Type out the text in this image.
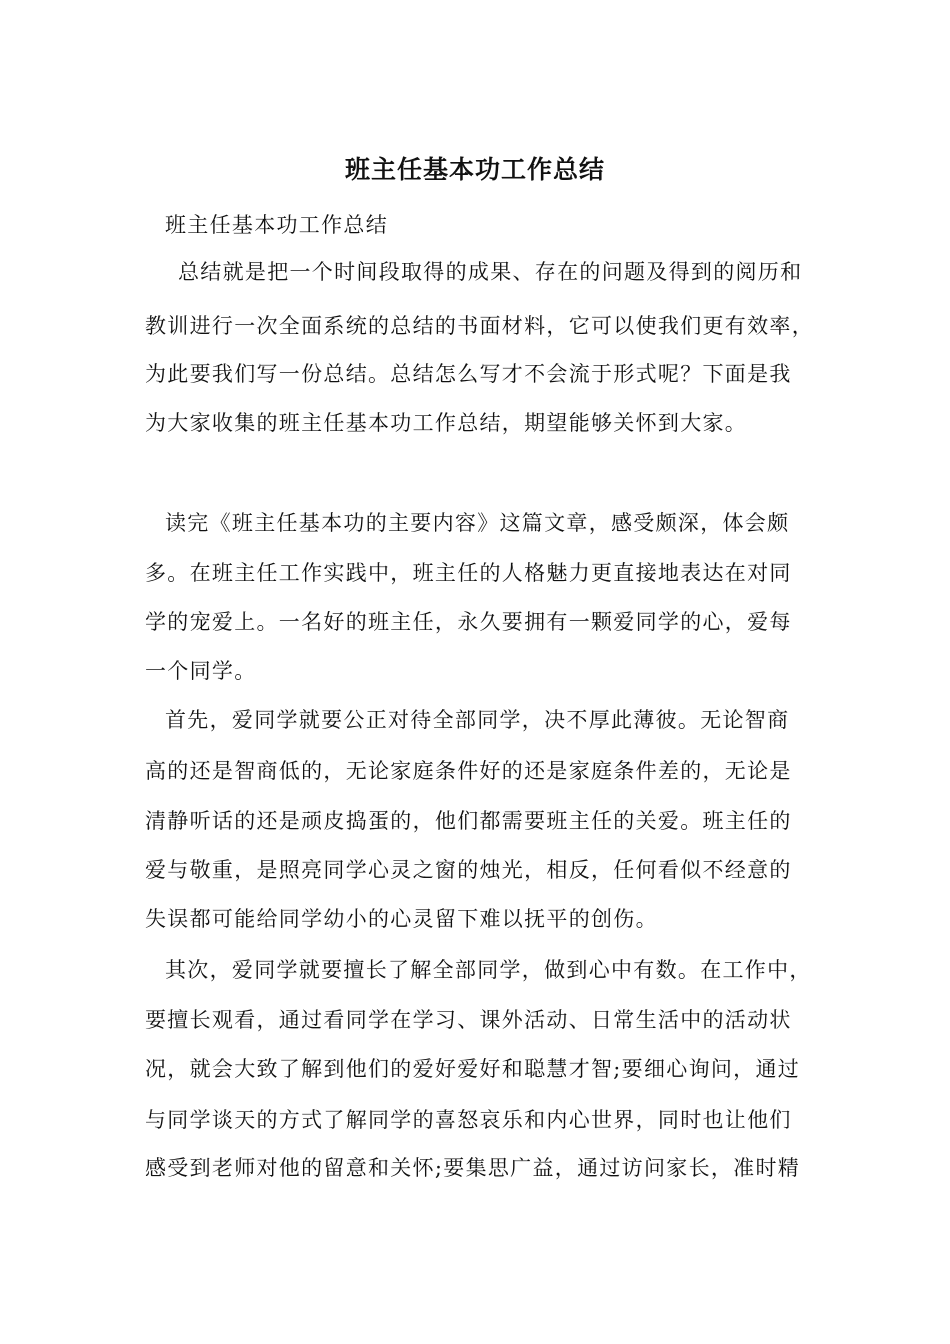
班主任基本功工作总结
班主任基本功工作总结
总结就是把一个时间段取得的成果、存在的问题及得到的阅历和
教训进行一次全面系统的总结的书面材料，它可以使我们更有效率，
为此要我们写一份总结。总结怎么写才不会流于形式呢？下面是我
为大家收集的班主任基本功工作总结，期望能够关怀到大家。
读完《班主任基本功的主要内容》这篇文章，感受颇深，体会颇
多。在班主任工作实践中，班主任的人格魅力更直接地表达在对同
学的宠爱上。一名好的班主任，永久要拥有一颗爱同学的心，爱每
一个同学。
首先，爱同学就要公正对待全部同学，决不厚此薄彼。无论智商
高的还是智商低的，无论家庭条件好的还是家庭条件差的，无论是
清静听话的还是顽皮捣蛋的，他们都需要班主任的关爱。班主任的
爱与敬重，是照亮同学心灵之窗的烛光，相反，任何看似不经意的
失误都可能给同学幼小的心灵留下难以抚平的创伤。
其次，爱同学就要擅长了解全部同学，做到心中有数。在工作中，
要擅长观看，通过看同学在学习、课外活动、日常生活中的活动状
况，就会大致了解到他们的爱好爱好和聪慧才智;要细心询问，通过
与同学谈天的方式了解同学的喜怒哀乐和内心世界，同时也让他们
感受到老师对他的留意和关怀;要集思广益，通过访问家长，准时精
